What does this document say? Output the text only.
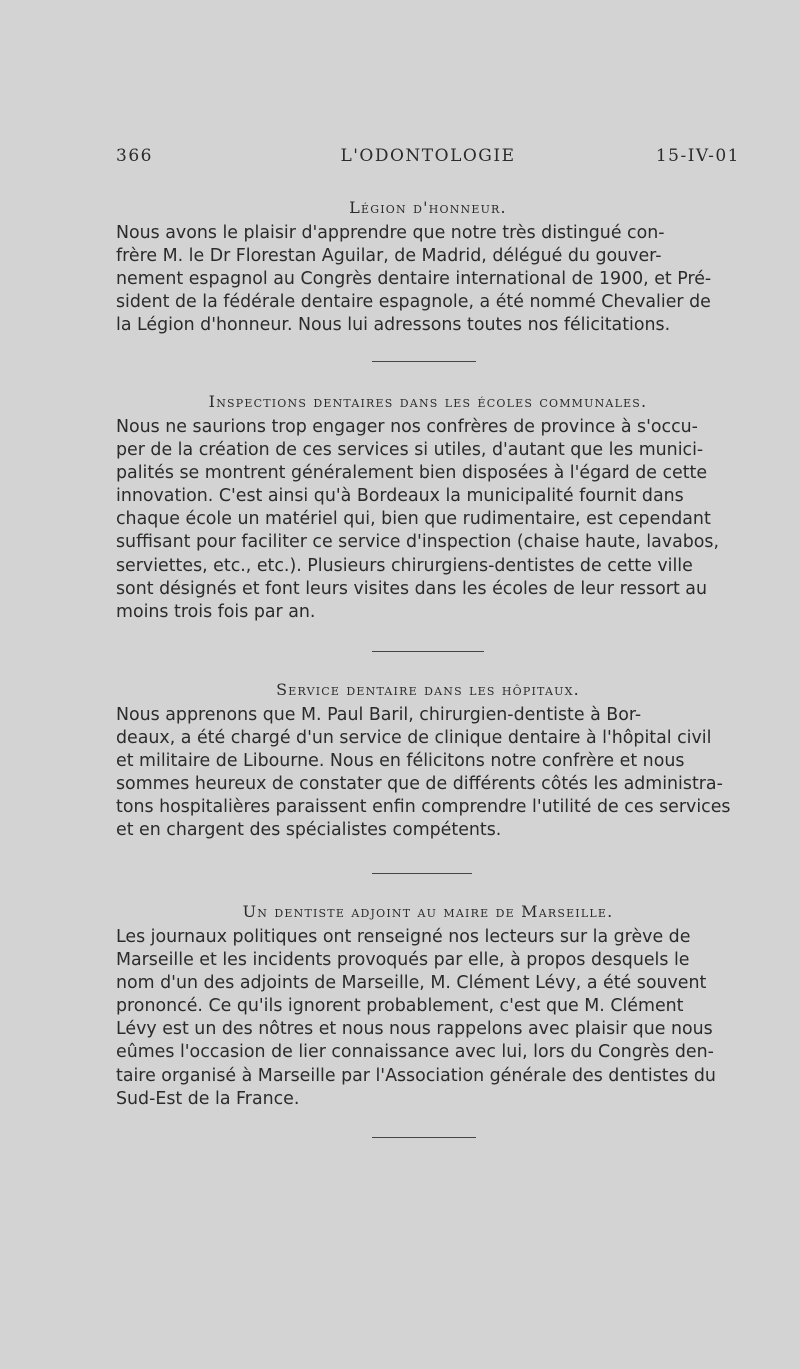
L'ODONTOLOGIE
366	15-IV-01
Légion d'honneur.

Nous avons le plaisir d'apprendre que notre très distingué con-
frère M. le Dr Florestan Aguilar, de Madrid, délégué du gouver-
nement espagnol au Congrès dentaire international de 1900, et Pré-
sident de la fédérale dentaire espagnole, a été nommé Chevalier de
la Légion d'honneur. Nous lui adressons toutes nos félicitations.

Inspections dentaires dans les écoles communales.

Nous ne saurions trop engager nos confrères de province à s'occu-
per de la création de ces services si utiles, d'autant que les munici-
palités se montrent généralement bien disposées à l'égard de cette
innovation. C'est ainsi qu'à Bordeaux la municipalité fournit dans
chaque école un matériel qui, bien que rudimentaire, est cependant
suffisant pour faciliter ce service d'inspection (chaise haute, lavabos,
serviettes, etc., etc.). Plusieurs chirurgiens-dentistes de cette ville
sont désignés et font leurs visites dans les écoles de leur ressort au
moins trois fois par an.

Service dentaire dans les hôpitaux.

Nous apprenons que M. Paul Baril, chirurgien-dentiste à Bor-
deaux, a été chargé d'un service de clinique dentaire à l'hôpital civil
et militaire de Libourne. Nous en félicitons notre confrère et nous
sommes heureux de constater que de différents côtés les administra-
tons hospitalières paraissent enfin comprendre l'utilité de ces services
et en chargent des spécialistes compétents.

Un dentiste adjoint au maire de Marseille.

Les journaux politiques ont renseigné nos lecteurs sur la grève de
Marseille et les incidents provoqués par elle, à propos desquels le
nom d'un des adjoints de Marseille, M. Clément Lévy, a été souvent
prononcé. Ce qu'ils ignorent probablement, c'est que M. Clément
Lévy est un des nôtres et nous nous rappelons avec plaisir que nous
eûmes l'occasion de lier connaissance avec lui, lors du Congrès den-
taire organisé à Marseille par l'Association générale des dentistes du
Sud-Est de la France.
